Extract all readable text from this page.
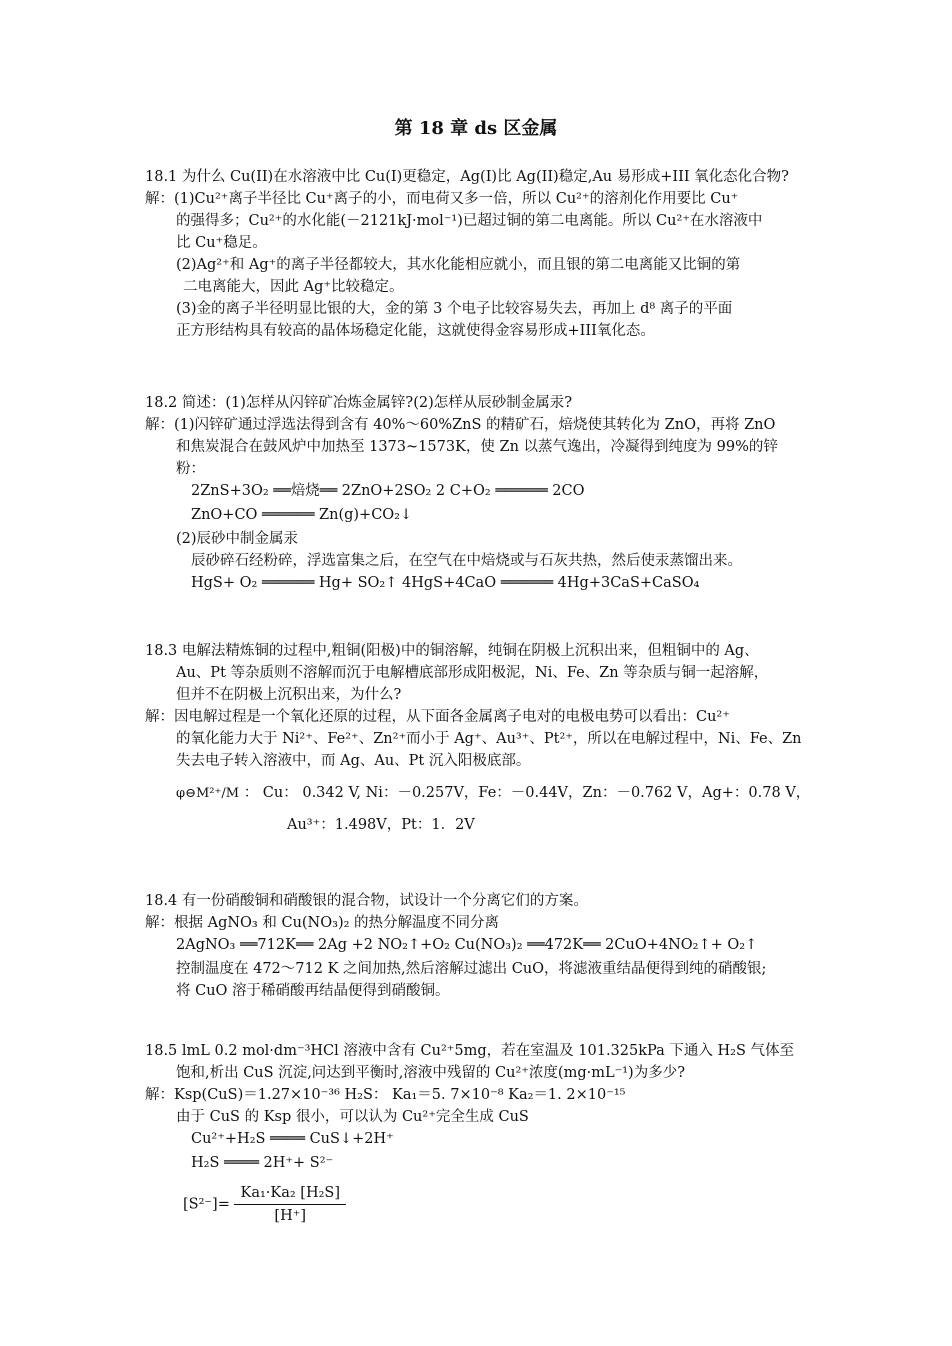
第 18 章 ds 区金属
18.1 为什么 Cu(II)在水溶液中比 Cu(I)更稳定，Ag(I)比 Ag(II)稳定,Au 易形成+III 氧化态化合物?
解：(1)Cu²⁺离子半径比 Cu⁺离子的小，而电荷又多一倍，所以 Cu²⁺的溶剂化作用要比 Cu⁺
的强得多；Cu²⁺的水化能(－2121kJ·mol⁻¹)已超过铜的第二电离能。所以 Cu²⁺在水溶液中
比 Cu⁺稳足。
(2)Ag²⁺和 Ag⁺的离子半径都较大，其水化能相应就小，而且银的第二电离能又比铜的第
二电离能大，因此 Ag⁺比较稳定。
(3)金的离子半径明显比银的大，金的第 3 个电子比较容易失去，再加上 d⁸ 离子的平面
正方形结构具有较高的晶体场稳定化能，这就使得金容易形成+III氧化态。
18.2 简述：(1)怎样从闪锌矿冶炼金属锌?(2)怎样从辰砂制金属汞?
解：(1)闪锌矿通过浮选法得到含有 40%～60%ZnS 的精矿石，焙烧使其转化为 ZnO，再将 ZnO
和焦炭混合在鼓风炉中加热至 1373~1573K，使 Zn 以蒸气逸出，冷凝得到纯度为 99%的锌
粉：
2ZnS+3O₂ ══焙烧══ 2ZnO+2SO₂ 2 C+O₂ ══════ 2CO
ZnO+CO ══════ Zn(g)+CO₂↓
(2)辰砂中制金属汞
辰砂碎石经粉碎，浮选富集之后，在空气在中焙烧或与石灰共热，然后使汞蒸馏出来。
HgS+ O₂ ══════ Hg+ SO₂↑ 4HgS+4CaO ══════ 4Hg+3CaS+CaSO₄
18.3 电解法精炼铜的过程中,粗铜(阳极)中的铜溶解，纯铜在阴极上沉积出来，但粗铜中的 Ag、
Au、Pt 等杂质则不溶解而沉于电解槽底部形成阳极泥，Ni、Fe、Zn 等杂质与铜一起溶解，
但并不在阴极上沉积出来，为什么?
解：因电解过程是一个氧化还原的过程，从下面各金属离子电对的电极电势可以看出：Cu²⁺
的氧化能力大于 Ni²⁺、Fe²⁺、Zn²⁺而小于 Ag⁺、Au³⁺、Pt²⁺，所以在电解过程中，Ni、Fe、Zn
失去电子转入溶液中，而 Ag、Au、Pt 沉入阳极底部。
φ⊖M²⁺/M ： Cu： 0.342 V, Ni：－0.257V，Fe：－0.44V，Zn：－0.762 V，Ag+：0.78 V，
Au³⁺：1.498V，Pt：1．2V
18.4 有一份硝酸铜和硝酸银的混合物，试设计一个分离它们的方案。
解：根据 AgNO₃ 和 Cu(NO₃)₂ 的热分解温度不同分离
2AgNO₃ ══712K══ 2Ag +2 NO₂↑+O₂ Cu(NO₃)₂ ══472K══ 2CuO+4NO₂↑+ O₂↑
控制温度在 472～712 K 之间加热,然后溶解过滤出 CuO，将滤液重结晶便得到纯的硝酸银;
将 CuO 溶于稀硝酸再结晶便得到硝酸铜。
18.5 lmL 0.2 mol·dm⁻³HCl 溶液中含有 Cu²⁺5mg，若在室温及 101.325kPa 下通入 H₂S 气体至
饱和,析出 CuS 沉淀,问达到平衡时,溶液中残留的 Cu²⁺浓度(mg·mL⁻¹)为多少?
解：Ksp(CuS)＝1.27×10⁻³⁶ H₂S： Ka₁＝5. 7×10⁻⁸ Ka₂＝1. 2×10⁻¹⁵
由于 CuS 的 Ksp 很小，可以认为 Cu²⁺完全生成 CuS
Cu²⁺+H₂S ════ CuS↓+2H⁺
H₂S ════ 2H⁺+ S²⁻
$[S^{2-}]= \frac{\text{Ka₁·Ka₂ [H₂S]}}{[H^+]}$
